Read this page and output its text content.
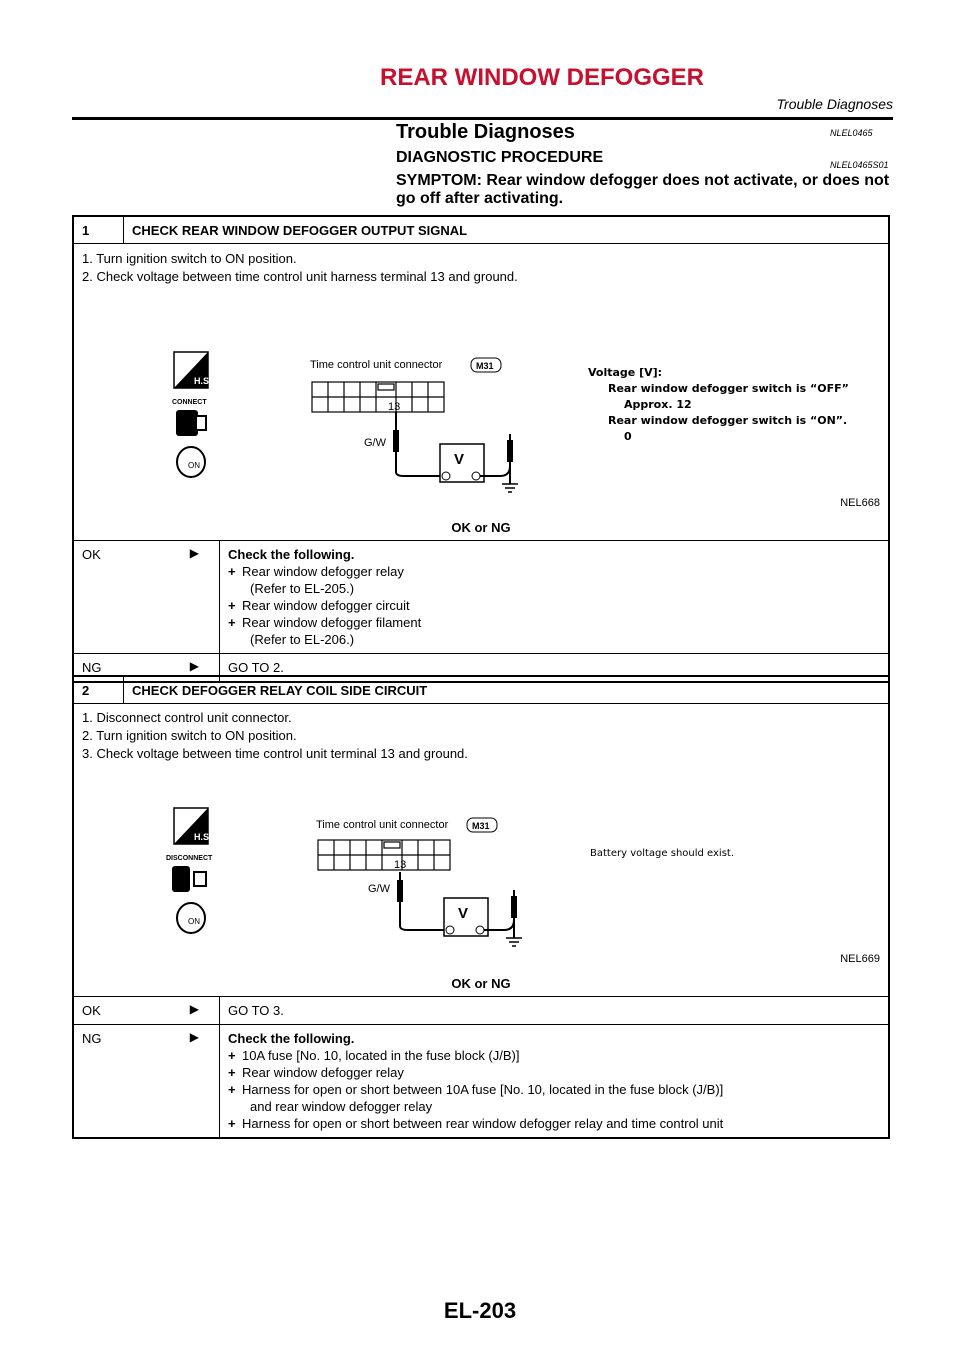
REAR WINDOW DEFOGGER
Trouble Diagnoses
Trouble Diagnoses	NLEL0465
DIAGNOSTIC PROCEDURE	NLEL0465S01
SYMPTOM: Rear window defogger does not activate, or does not go off after activating.
1	CHECK REAR WINDOW DEFOGGER OUTPUT SIGNAL
1. Turn ignition switch to ON position.
2. Check voltage between time control unit harness terminal 13 and ground.
H.S.
CONNECT
ON
Time control unit connector	M31
13
G/W
V
Voltage [V]:
Rear window defogger switch is “OFF”
Approx. 12
Rear window defogger switch is “ON”.
0
NEL668
OK or NG
OK	▶	Check the following.
+ Rear window defogger relay
(Refer to EL-205.)
+ Rear window defogger circuit
+ Rear window defogger filament
(Refer to EL-206.)
NG	▶	GO TO 2.
2	CHECK DEFOGGER RELAY COIL SIDE CIRCUIT
1. Disconnect control unit connector.
2. Turn ignition switch to ON position.
3. Check voltage between time control unit terminal 13 and ground.
H.S.
DISCONNECT
ON
Time control unit connector	M31
13
G/W
V
Battery voltage should exist.
NEL669
OK or NG
OK	▶	GO TO 3.
NG	▶	Check the following.
+ 10A fuse [No. 10, located in the fuse block (J/B)]
+ Rear window defogger relay
+ Harness for open or short between 10A fuse [No. 10, located in the fuse block (J/B)]
and rear window defogger relay
+ Harness for open or short between rear window defogger relay and time control unit
EL-203
